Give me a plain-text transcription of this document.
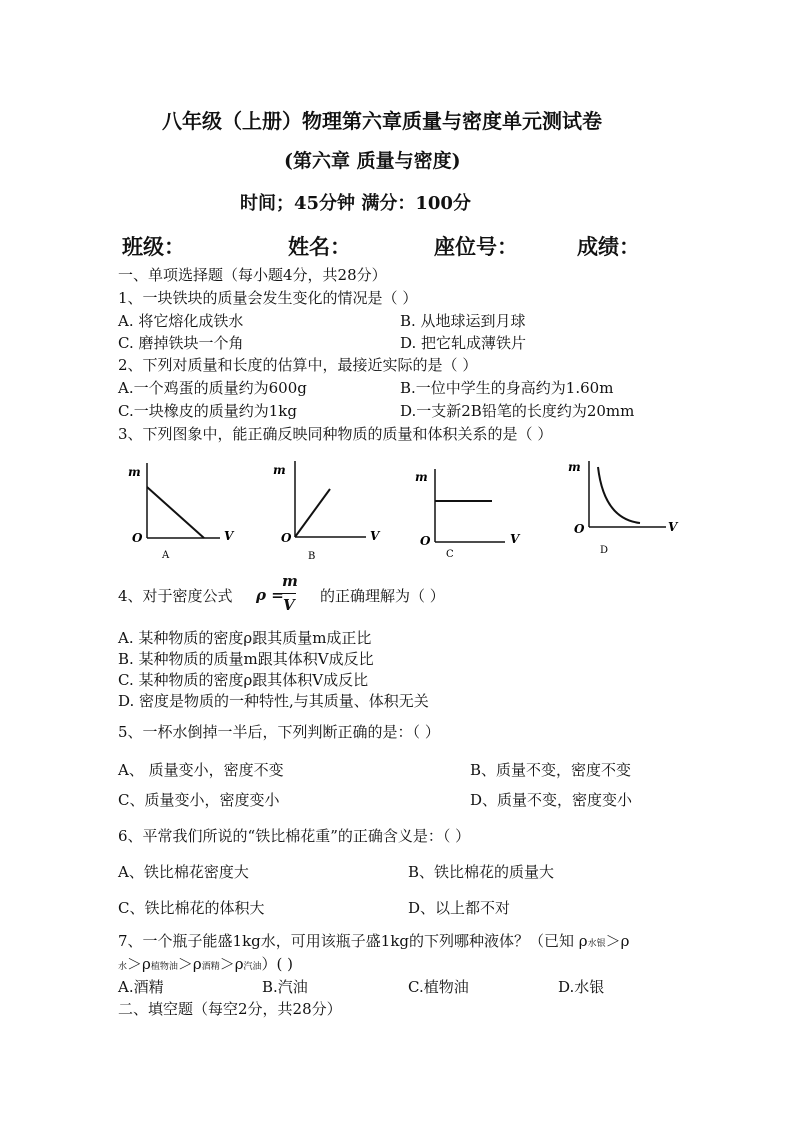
八年级（上册）物理第六章质量与密度单元测试卷
(第六章 质量与密度)
时间；45分钟 满分：100分
班级：	姓名：	座位号：	成绩：
一、单项选择题（每小题4分，共28分）
1、一块铁块的质量会发生变化的情况是（ ）
A. 将它熔化成铁水	B. 从地球运到月球
C. 磨掉铁块一个角	D. 把它轧成薄铁片
2、下列对质量和长度的估算中，最接近实际的是（ ）
A.一个鸡蛋的质量约为600g	B.一位中学生的身高约为1.60m
C.一块橡皮的质量约为1kg	D.一支新2B铅笔的长度约为20mm
3、下列图象中，能正确反映同种物质的质量和体积关系的是（ ）
m
O	V
A
m
O	V
B
m
O	V
C
m
O	V
D
4、对于密度公式 ρ =
m
V 的正确理解为（ ）
A. 某种物质的密度ρ跟其质量m成正比
B. 某种物质的质量m跟其体积V成反比
C. 某种物质的密度ρ跟其体积V成反比
D. 密度是物质的一种特性,与其质量、体积无关
5、一杯水倒掉一半后，下列判断正确的是：（ ）
A、 质量变小，密度不变	B、质量不变，密度不变
C、质量变小，密度变小	D、质量不变，密度变小
6、平常我们所说的“铁比棉花重”的正确含义是：（ ）
A、铁比棉花密度大	B、铁比棉花的质量大
C、铁比棉花的体积大	D、以上都不对
7、一个瓶子能盛1kg水，可用该瓶子盛1kg的下列哪种液体？（已知 ρ水银＞ρ
水＞ρ植物油＞ρ酒精＞ρ汽油）( )
A.酒精	B.汽油	C.植物油	D.水银
二、填空题（每空2分，共28分）
